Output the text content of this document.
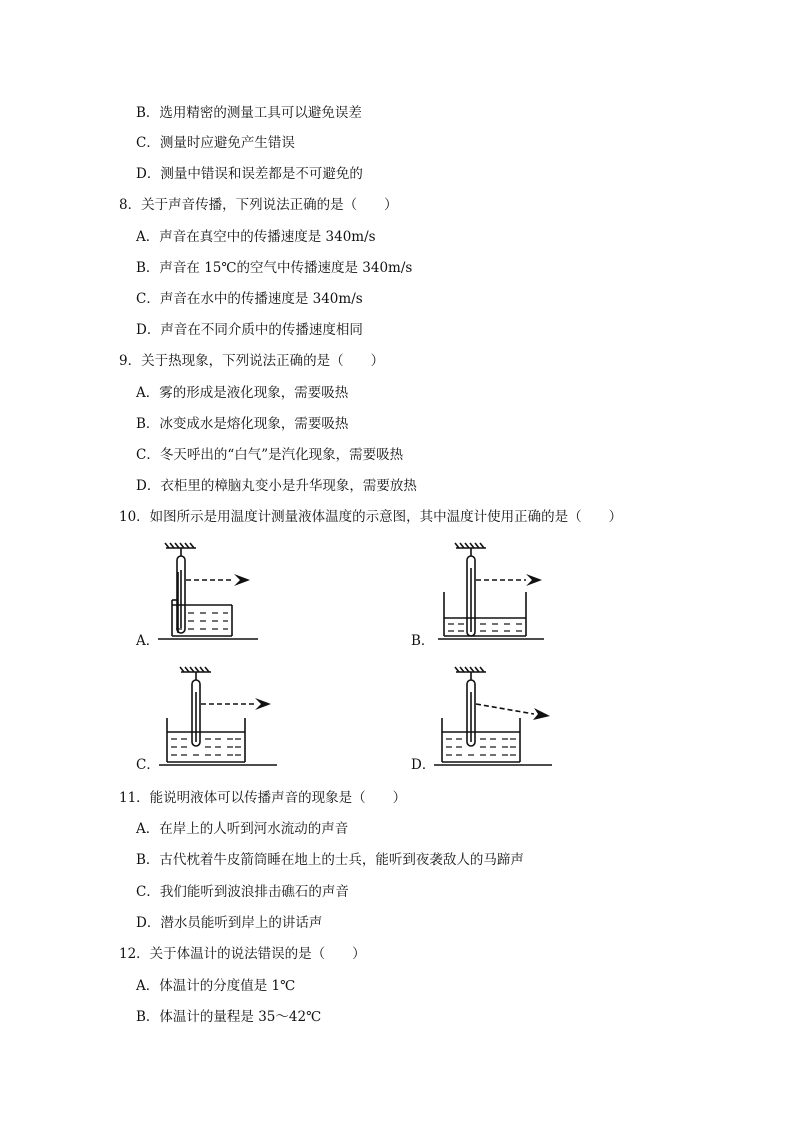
B．选用精密的测量工具可以避免误差
C．测量时应避免产生错误
D．测量中错误和误差都是不可避免的
8．关于声音传播，下列说法正确的是（　　）
A．声音在真空中的传播速度是 340m/s
B．声音在 15℃的空气中传播速度是 340m/s
C．声音在水中的传播速度是 340m/s
D．声音在不同介质中的传播速度相同
9．关于热现象，下列说法正确的是（　　）
A．雾的形成是液化现象，需要吸热
B．冰变成水是熔化现象，需要吸热
C．冬天呼出的“白气”是汽化现象，需要吸热
D．衣柜里的樟脑丸变小是升华现象，需要放热
10．如图所示是用温度计测量液体温度的示意图，其中温度计使用正确的是（　　）
A．	B．
C．	D．
11．能说明液体可以传播声音的现象是（　　）
A．在岸上的人听到河水流动的声音
B．古代枕着牛皮箭筒睡在地上的士兵，能听到夜袭敌人的马蹄声
C．我们能听到波浪排击礁石的声音
D．潜水员能听到岸上的讲话声
12．关于体温计的说法错误的是（　　）
A．体温计的分度值是 1℃
B．体温计的量程是 35～42℃
